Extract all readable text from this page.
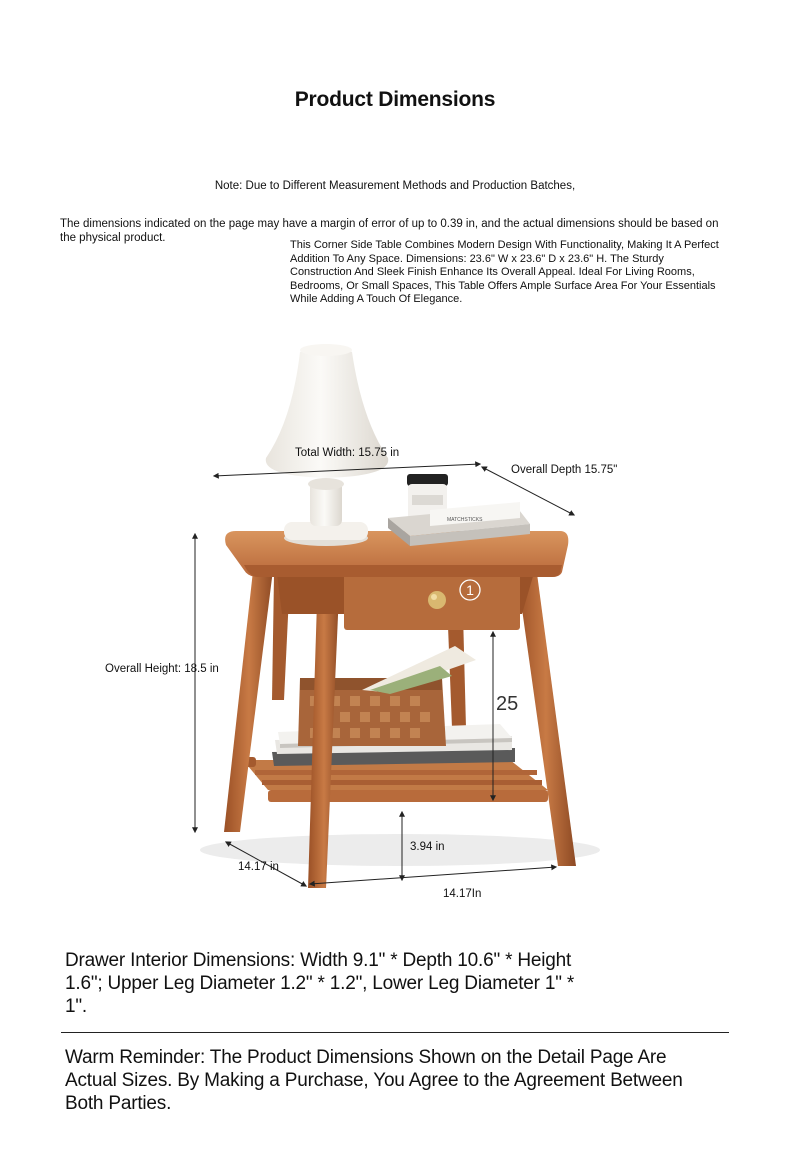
Product Dimensions
Note: Due to Different Measurement Methods and Production Batches,
The dimensions indicated on the page may have a margin of error of up to 0.39 in, and the actual dimensions should be based on the physical product.
This Corner Side Table Combines Modern Design With Functionality, Making It A Perfect Addition To Any Space. Dimensions: 23.6" W x 23.6" D x 23.6" H. The Sturdy Construction And Sleek Finish Enhance Its Overall Appeal. Ideal For Living Rooms, Bedrooms, Or Small Spaces, This Table Offers Ample Surface Area For Your Essentials While Adding A Touch Of Elegance.
MATCHSTICKS
1
Total Width: 15.75 in
Overall Depth 15.75"
Overall Height: 18.5 in
25
3.94 in
14.17 in
14.17In
Drawer Interior Dimensions: Width 9.1" * Depth 10.6" * Height 1.6"; Upper Leg Diameter 1.2" * 1.2", Lower Leg Diameter 1" * 1".
Warm Reminder: The Product Dimensions Shown on the Detail Page Are Actual Sizes. By Making a Purchase, You Agree to the Agreement Between Both Parties.
